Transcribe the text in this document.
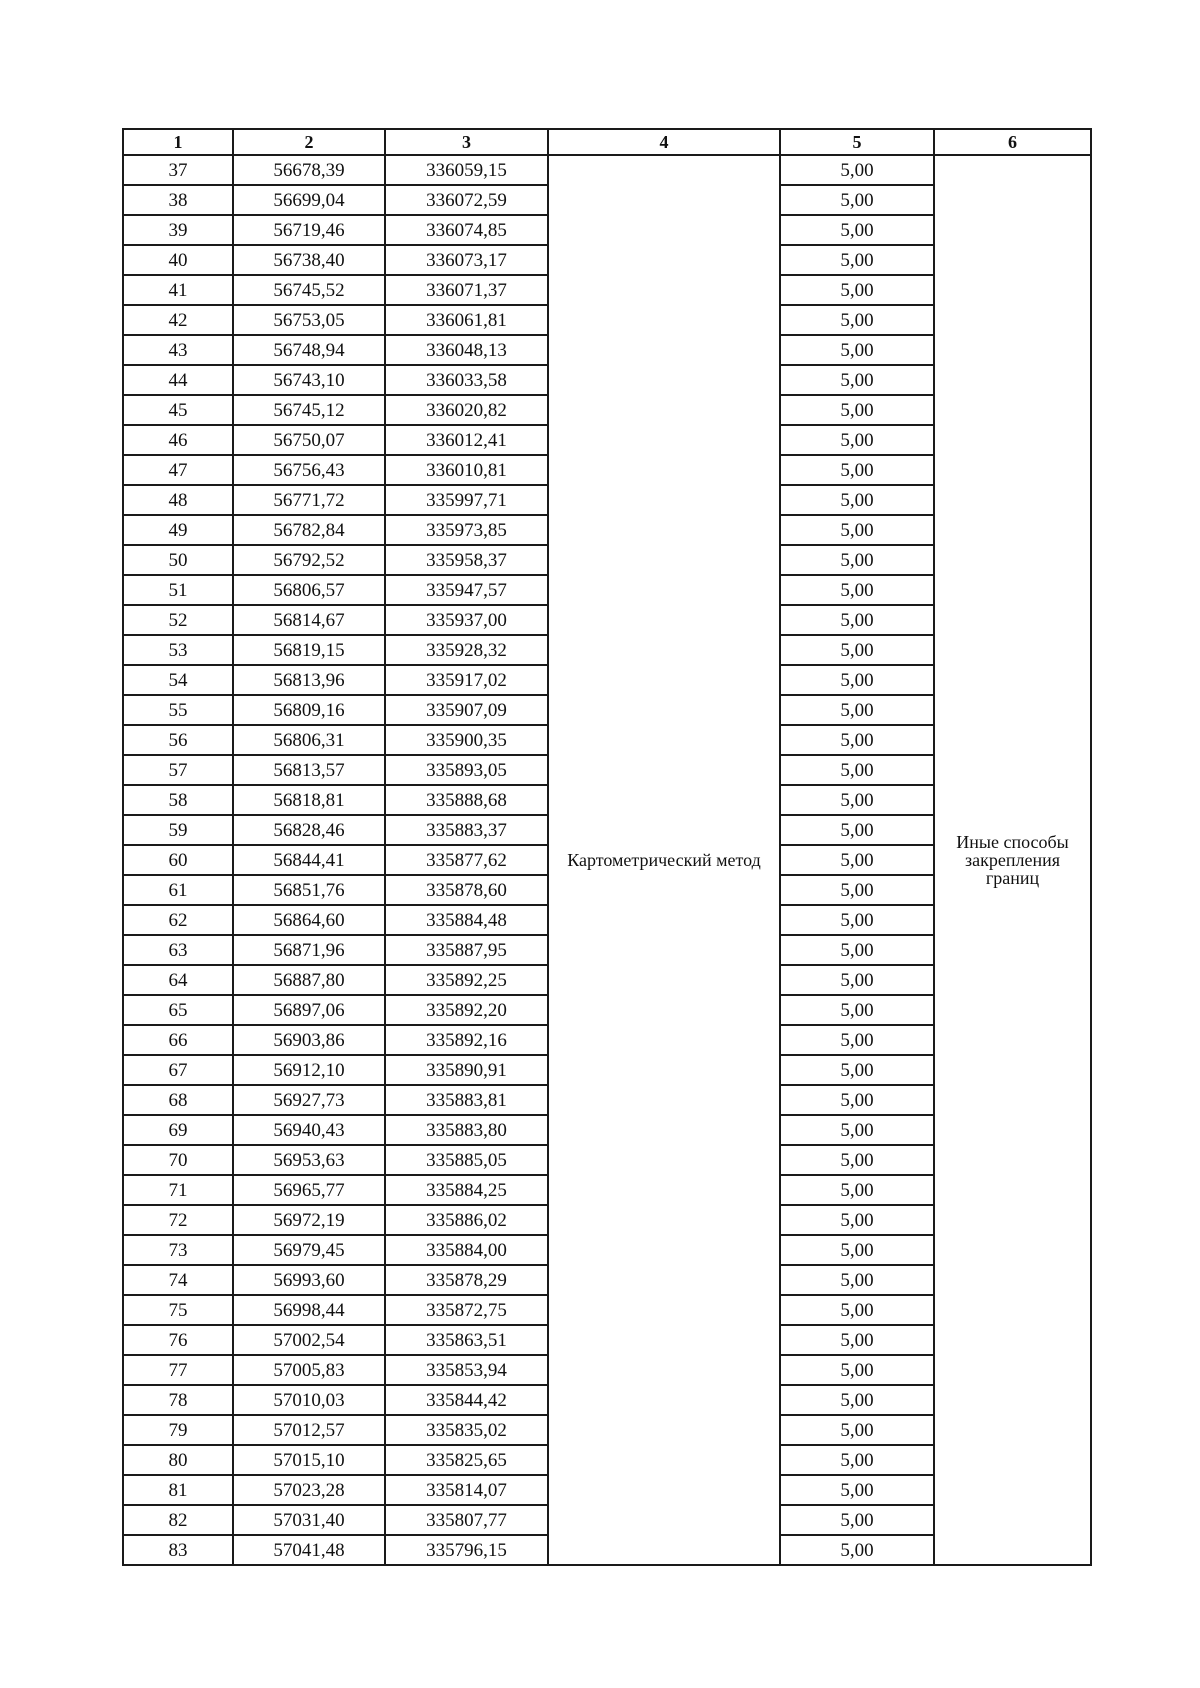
1	2	3	4	5	6
37	56678,39	336059,15	Картометрический метод	5,00	Иные способы
закрепления
границ

38	56699,04	336072,59		5,00	
39	56719,46	336074,85		5,00	
40	56738,40	336073,17		5,00	
41	56745,52	336071,37		5,00	
42	56753,05	336061,81		5,00	
43	56748,94	336048,13		5,00	
44	56743,10	336033,58		5,00	
45	56745,12	336020,82		5,00	
46	56750,07	336012,41		5,00	
47	56756,43	336010,81		5,00	
48	56771,72	335997,71		5,00	
49	56782,84	335973,85		5,00	
50	56792,52	335958,37		5,00	
51	56806,57	335947,57		5,00	
52	56814,67	335937,00		5,00	
53	56819,15	335928,32		5,00	
54	56813,96	335917,02		5,00	
55	56809,16	335907,09		5,00	
56	56806,31	335900,35		5,00	
57	56813,57	335893,05		5,00	
58	56818,81	335888,68		5,00	
59	56828,46	335883,37		5,00	
60	56844,41	335877,62		5,00	
61	56851,76	335878,60		5,00	
62	56864,60	335884,48		5,00	
63	56871,96	335887,95		5,00	
64	56887,80	335892,25		5,00	
65	56897,06	335892,20		5,00	
66	56903,86	335892,16		5,00	
67	56912,10	335890,91		5,00	
68	56927,73	335883,81		5,00	
69	56940,43	335883,80		5,00	
70	56953,63	335885,05		5,00	
71	56965,77	335884,25		5,00	
72	56972,19	335886,02		5,00	
73	56979,45	335884,00		5,00	
74	56993,60	335878,29		5,00	
75	56998,44	335872,75		5,00	
76	57002,54	335863,51		5,00	
77	57005,83	335853,94		5,00	
78	57010,03	335844,42		5,00	
79	57012,57	335835,02		5,00	
80	57015,10	335825,65		5,00	
81	57023,28	335814,07		5,00	
82	57031,40	335807,77		5,00	
83	57041,48	335796,15		5,00	
